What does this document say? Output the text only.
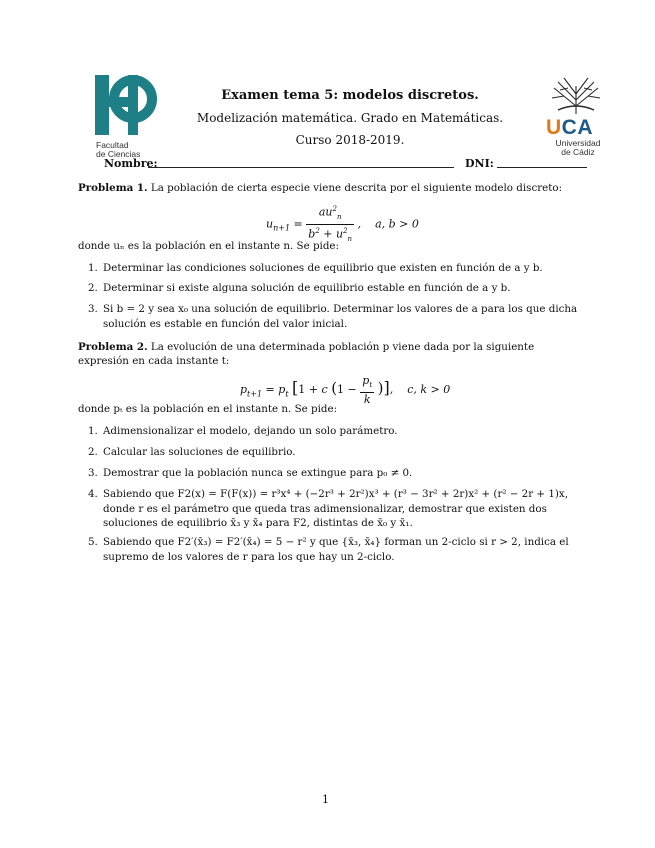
Facultad
de Ciencias
UCA
Universidad
de Cádiz
Examen tema 5: modelos discretos.
Modelización matemática. Grado en Matemáticas.
Curso 2018-2019.
Nombre:	DNI:
Problema 1. La población de cierta especie viene descrita por el siguiente modelo discreto:
$u_{n+1} = \frac{au^2_n}{b^2 + u^2_n}$ ,    a, b > 0
donde uₙ es la población en el instante n. Se pide:
1. Determinar las condiciones soluciones de equilibrio que existen en función de a y b.
2. Determinar si existe alguna solución de equilibrio estable en función de a y b.
3. Si b = 2 y sea x₀ una solución de equilibrio. Determinar los valores de a para los que dicha solución es estable en función del valor inicial.
Problema 2. La evolución de una determinada población p viene dada por la siguiente expresión en cada instante t:
$p_{t+1} = p_t$ [1 + c ($1 - \frac{p_t}{k}$ )],    c, k > 0
donde pₜ es la población en el instante n. Se pide:
1. Adimensionalizar el modelo, dejando un solo parámetro.
2. Calcular las soluciones de equilibrio.
3. Demostrar que la población nunca se extingue para p₀ ≠ 0.
4. Sabiendo que F2(x) = F(F(x)) = r³x⁴ + (−2r³ + 2r²)x³ + (r³ − 3r² + 2r)x² + (r² − 2r + 1)x, donde r es el parámetro que queda tras adimensionalizar, demostrar que existen dos soluciones de equilibrio x̄₃ y x̄₄ para F2, distintas de x̄₀ y x̄₁.
5. Sabiendo que F2′(x̄₃) = F2′(x̄₄) = 5 − r² y que {x̄₃, x̄₄} forman un 2-ciclo si r > 2, indica el supremo de los valores de r para los que hay un 2-ciclo.
1
